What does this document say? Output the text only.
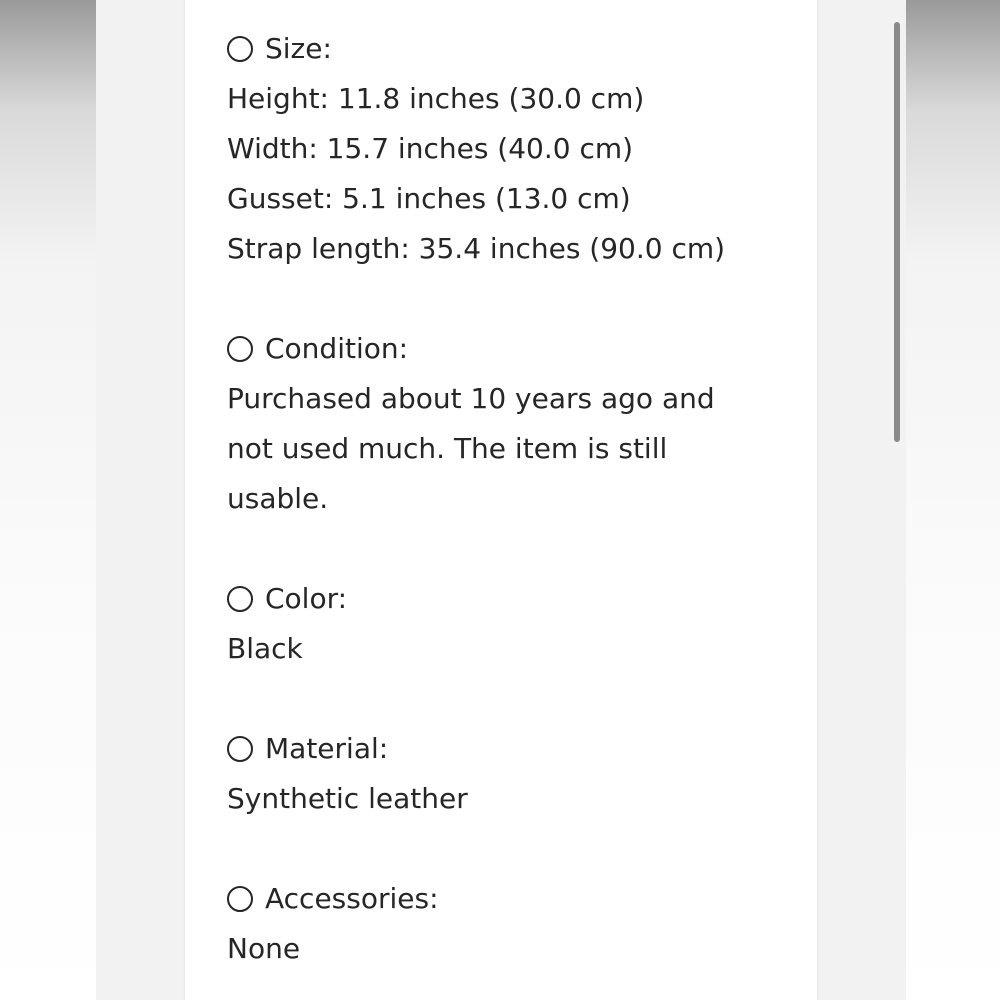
Size:
Height: 11.8 inches (30.0 cm)
Width: 15.7 inches (40.0 cm)
Gusset: 5.1 inches (13.0 cm)
Strap length: 35.4 inches (90.0 cm)
Condition:
Purchased about 10 years ago and not used much. The item is still usable.
Color:
Black
Material:
Synthetic leather
Accessories:
None
